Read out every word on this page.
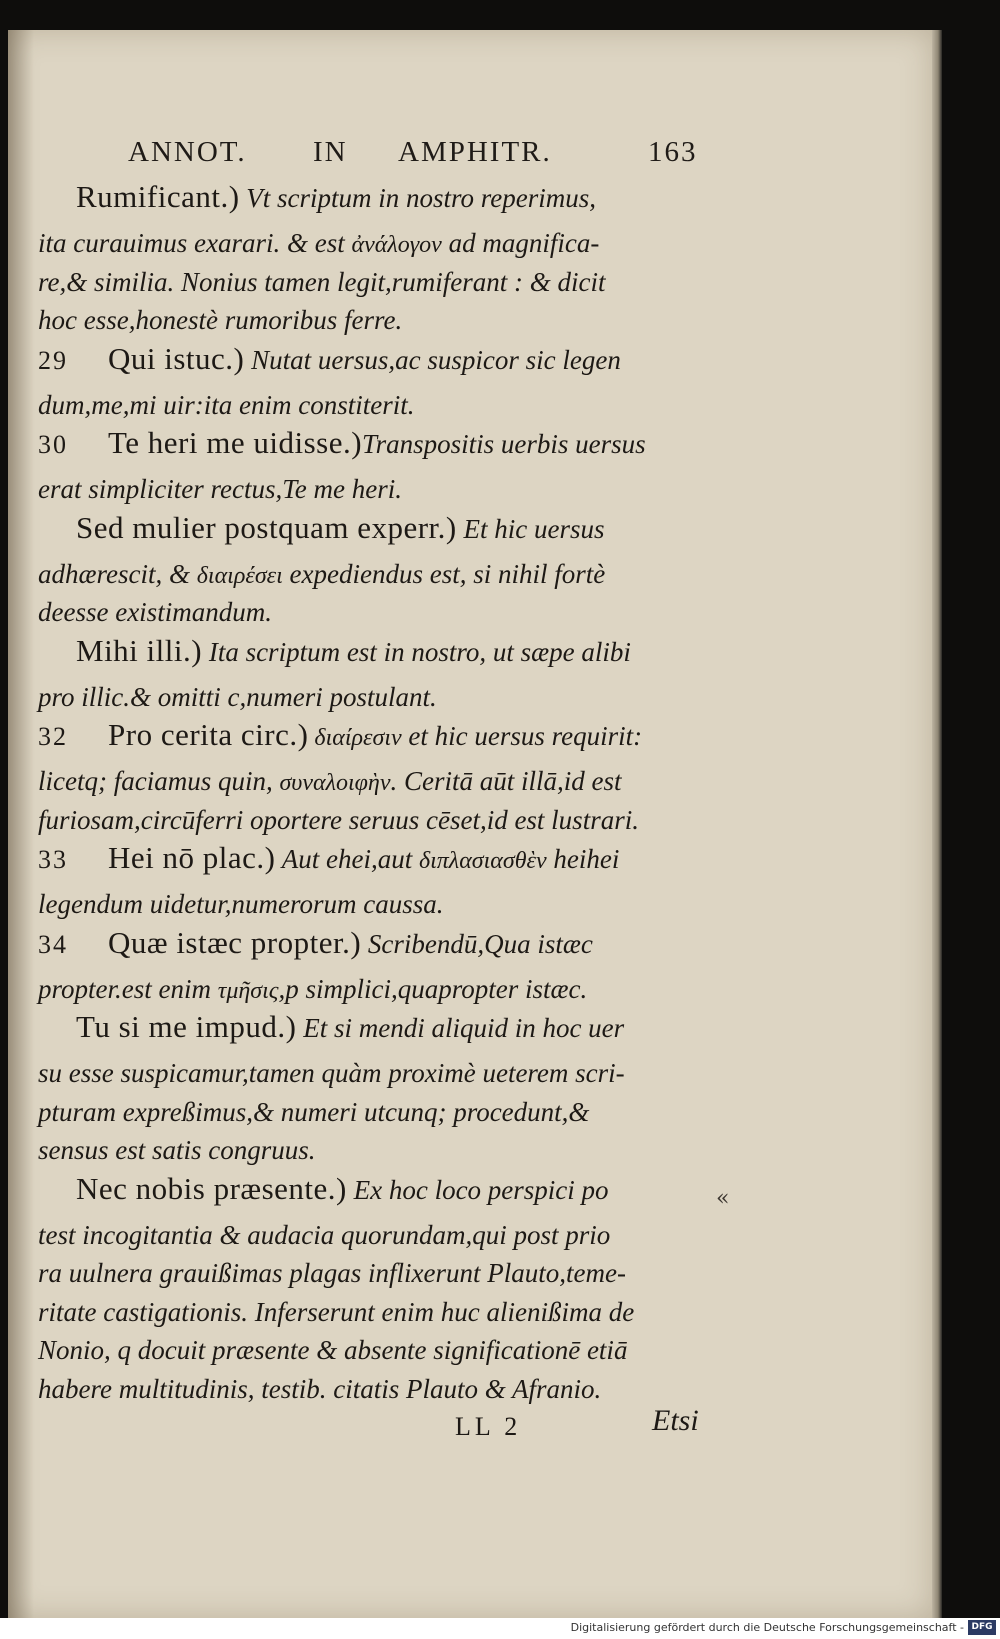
ANNOT. IN AMPHITR.	163
Rumificant.) Vt scriptum in nostro reperimus,
ita curauimus exarari. & est ἀνάλογον ad magnifica-
re,& similia. Nonius tamen legit,rumiferant : & dicit
hoc esse,honestè rumoribus ferre.
29 Qui istuc.) Nutat uersus,ac suspicor sic legen
dum,me,mi uir:ita enim constiterit.
30 Te heri me uidisse.)Transpositis uerbis uersus
erat simpliciter rectus,Te me heri.
Sed mulier postquam experr.) Et hic uersus
adhærescit, & διαιρέσει expediendus est, si nihil fortè
deesse existimandum.
Mihi illi.) Ita scriptum est in nostro, ut sæpe alibi
pro illic.& omitti c,numeri postulant.
32 Pro cerita circ.) διαίρεσιν et hic uersus requirit:
licetq; faciamus quin, συναλοιφὴν. Ceritā aūt illā,id est
furiosam,circūferri oportere seruus cēset,id est lustrari.
33 Hei nō plac.) Aut ehei,aut διπλασιασθὲν heihei
legendum uidetur,numerorum caussa.
34 Quæ istæc propter.) Scribendū,Qua istæc
propter.est enim τμῆσις,p simplici,quapropter istæc.
Tu si me impud.) Et si mendi aliquid in hoc uer
su esse suspicamur,tamen quàm proximè ueterem scri-
pturam expreßimus,& numeri utcunq; procedunt,&
sensus est satis congruus.
Nec nobis præsente.) Ex hoc loco perspici po
test incogitantia & audacia quorundam,qui post prio
ra uulnera grauißimas plagas inflixerunt Plauto,teme-
ritate castigationis. Inferserunt enim huc alienißima de
Nonio, q docuit præsente & absente significationē etiā
habere multitudinis, testib. citatis Plauto & Afranio.
«
LL 2	Etsi
Digitalisierung gefördert durch die Deutsche Forschungsgemeinschaft - DFG
